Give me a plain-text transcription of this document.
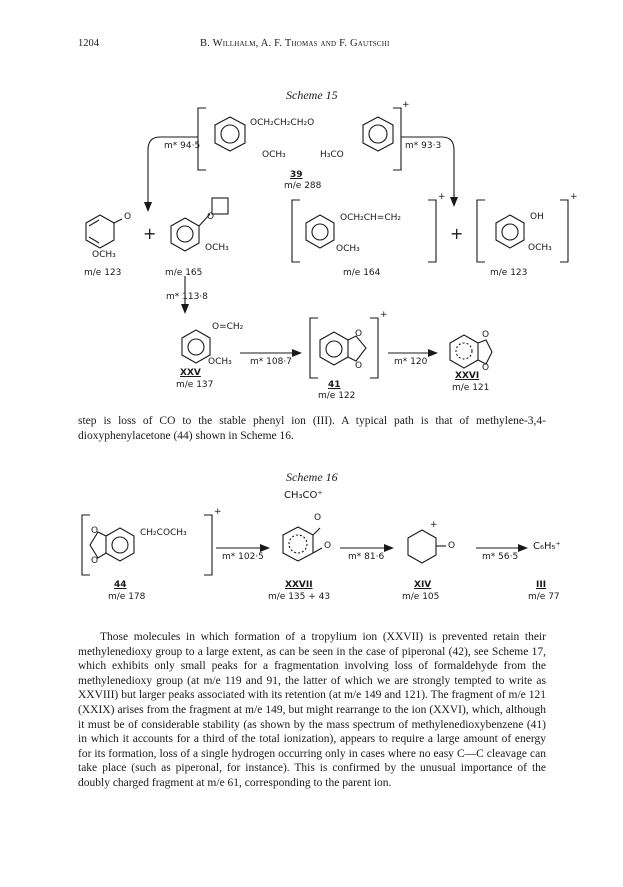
1204	B. Willhalm, A. F. Thomas and F. Gautschi
Scheme 15
OCH₂CH₂CH₂O
OCH₃	H₃CO
+
39
m/e 288
m* 94·5	m* 93·3
O
OCH₃
m/e 123
+
O
OCH₃
m/e 165
OCH₂CH=CH₂
OCH₃
m/e 164
+
+
OH
OCH₃
m/e 123
+
m* 113·8
O=CH₂
OCH₃
XXV
m/e 137
m* 108·7
O
O
+
41
m/e 122
m* 120
O
O
XXVI
m/e 121
step is loss of CO to the stable phenyl ion (III). A typical path is that of methylene-3,4-dioxyphenylacetone (44) shown in Scheme 16.
Scheme 16
CH₃CO⁺
CH₂COCH₃
O
O
+
44
m/e 178
m* 102·5
O
O
XXVII
m/e 135 + 43
m* 81·6
O
+
XIV
m/e 105
m* 56·5
C₆H₅⁺
III
m/e 77
Those molecules in which formation of a tropylium ion (XXVII) is prevented retain their methylenedioxy group to a large extent, as can be seen in the case of piperonal (42), see Scheme 17, which exhibits only small peaks for a fragmentation involving loss of formaldehyde from the methylenedioxy group (at m/e 119 and 91, the latter of which we are strongly tempted to write as XXVIII) but larger peaks associated with its retention (at m/e 149 and 121). The fragment of m/e 121 (XXIX) arises from the fragment at m/e 149, but might rearrange to the ion (XXVI), which, although it must be of considerable stability (as shown by the mass spectrum of methylenedioxybenzene (41) in which it accounts for a third of the total ionization), appears to require a large amount of energy for its formation, loss of a single hydrogen occurring only in cases where no easy C—C cleavage can take place (such as piperonal, for instance). This is confirmed by the unusual importance of the doubly charged fragment at m/e 61, corresponding to the parent ion.
